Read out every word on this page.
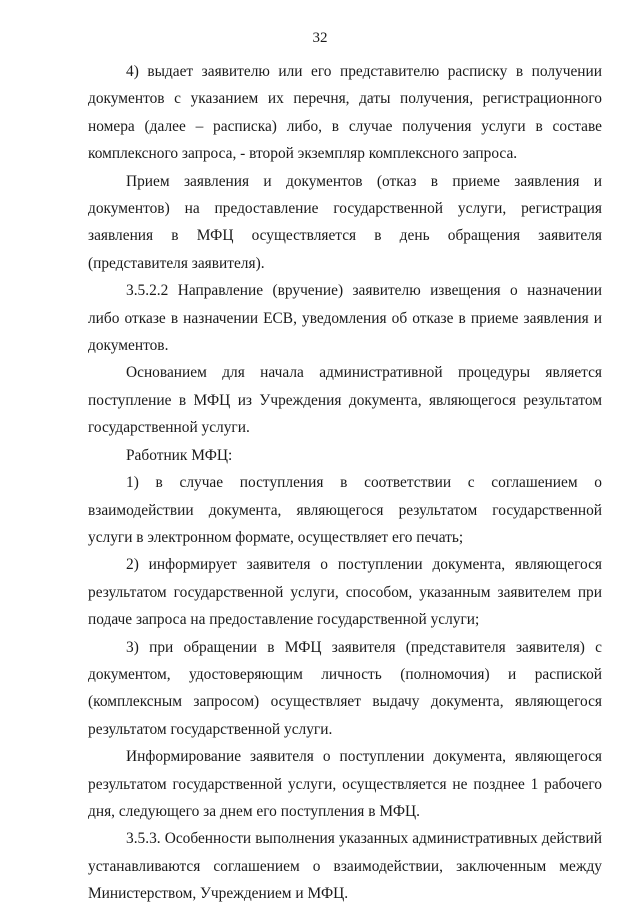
32

4) выдает заявителю или его представителю расписку в получении документов с указанием их перечня, даты получения, регистрационного номера (далее – расписка) либо, в случае получения услуги в составе комплексного запроса, - второй экземпляр комплексного запроса.

Прием заявления и документов (отказ в приеме заявления и документов) на предоставление государственной услуги, регистрация заявления в МФЦ осуществляется в день обращения заявителя (представителя заявителя).

3.5.2.2 Направление (вручение) заявителю извещения о назначении либо отказе в назначении ЕСВ, уведомления об отказе в приеме заявления и документов.

Основанием для начала административной процедуры является поступление в МФЦ из Учреждения документа, являющегося результатом государственной услуги.

Работник МФЦ:

1) в случае поступления в соответствии с соглашением о взаимодействии документа, являющегося результатом государственной услуги в электронном формате, осуществляет его печать;

2) информирует заявителя о поступлении документа, являющегося результатом государственной услуги, способом, указанным заявителем при подаче запроса на предоставление государственной услуги;

3) при обращении в МФЦ заявителя (представителя заявителя) с документом, удостоверяющим личность (полномочия) и распиской (комплексным запросом) осуществляет выдачу документа, являющегося результатом государственной услуги.

Информирование заявителя о поступлении документа, являющегося результатом государственной услуги, осуществляется не позднее 1 рабочего дня, следующего за днем его поступления в МФЦ.

3.5.3. Особенности выполнения указанных административных действий устанавливаются соглашением о взаимодействии, заключенным между Министерством, Учреждением и МФЦ.
